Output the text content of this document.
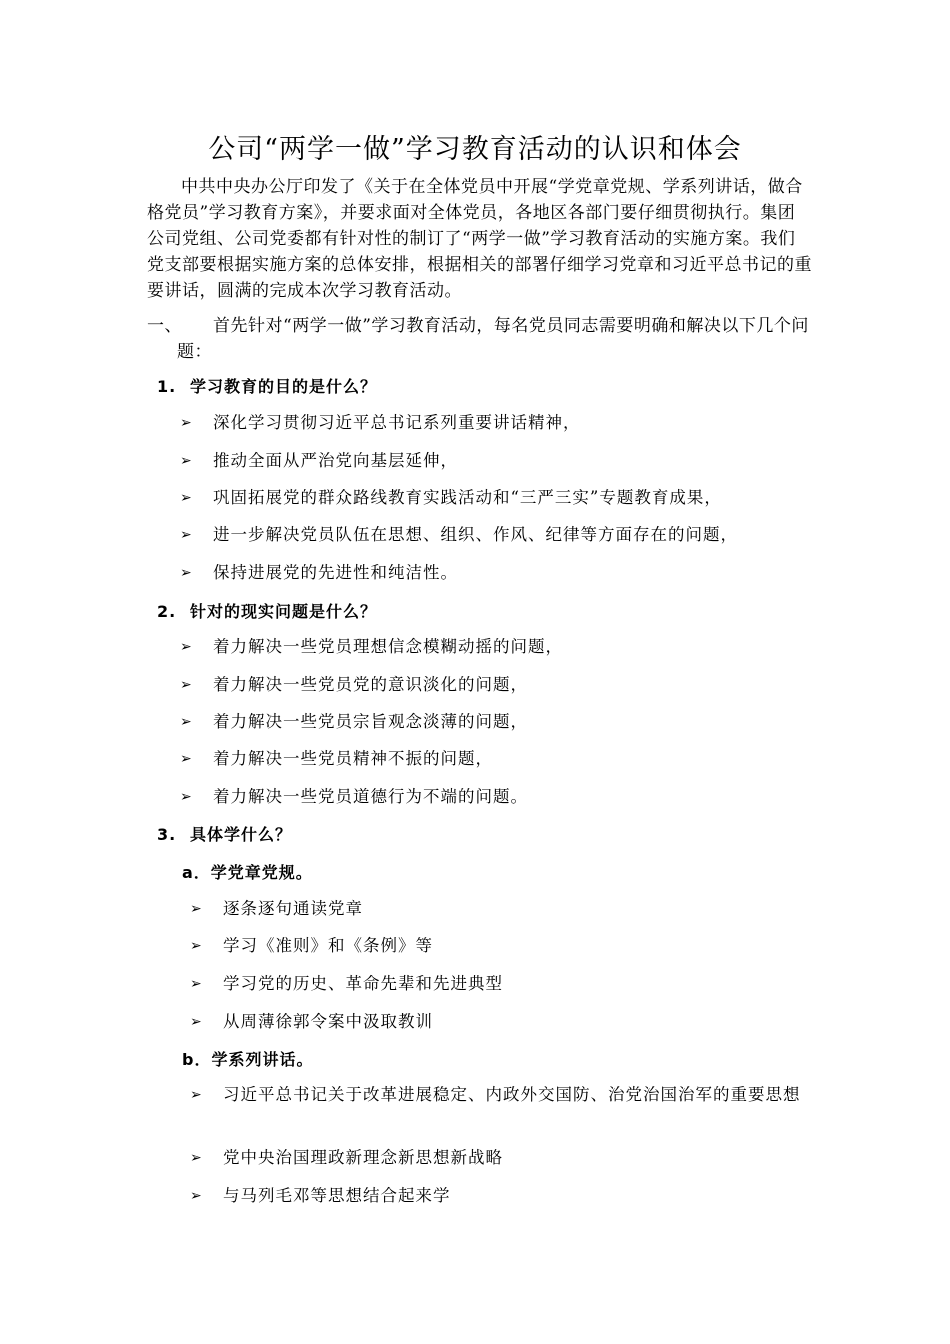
公司“两学一做”学习教育活动的认识和体会
中共中央办公厅印发了《关于在全体党员中开展“学党章党规、学系列讲话，做合格党员”学习教育方案》，并要求面对全体党员，各地区各部门要仔细贯彻执行。集团公司党组、公司党委都有针对性的制订了“两学一做”学习教育活动的实施方案。我们党支部要根据实施方案的总体安排，根据相关的部署仔细学习党章和习近平总书记的重要讲话，圆满的完成本次学习教育活动。
一、	首先针对“两学一做”学习教育活动，每名党员同志需要明确和解决以下几个问题：
1. 学习教育的目的是什么？
➢ 深化学习贯彻习近平总书记系列重要讲话精神，
➢ 推动全面从严治党向基层延伸，
➢ 巩固拓展党的群众路线教育实践活动和“三严三实”专题教育成果，
➢ 进一步解决党员队伍在思想、组织、作风、纪律等方面存在的问题，
➢ 保持进展党的先进性和纯洁性。
2. 针对的现实问题是什么？
➢ 着力解决一些党员理想信念模糊动摇的问题，
➢ 着力解决一些党员党的意识淡化的问题，
➢ 着力解决一些党员宗旨观念淡薄的问题，
➢ 着力解决一些党员精神不振的问题，
➢ 着力解决一些党员道德行为不端的问题。
3. 具体学什么？
a．学党章党规。
➢ 逐条逐句通读党章
➢ 学习《准则》和《条例》等
➢ 学习党的历史、革命先辈和先进典型
➢ 从周薄徐郭令案中汲取教训
b．学系列讲话。
➢ 习近平总书记关于改革进展稳定、内政外交国防、治党治国治军的重要思想
➢ 党中央治国理政新理念新思想新战略
➢ 与马列毛邓等思想结合起来学
